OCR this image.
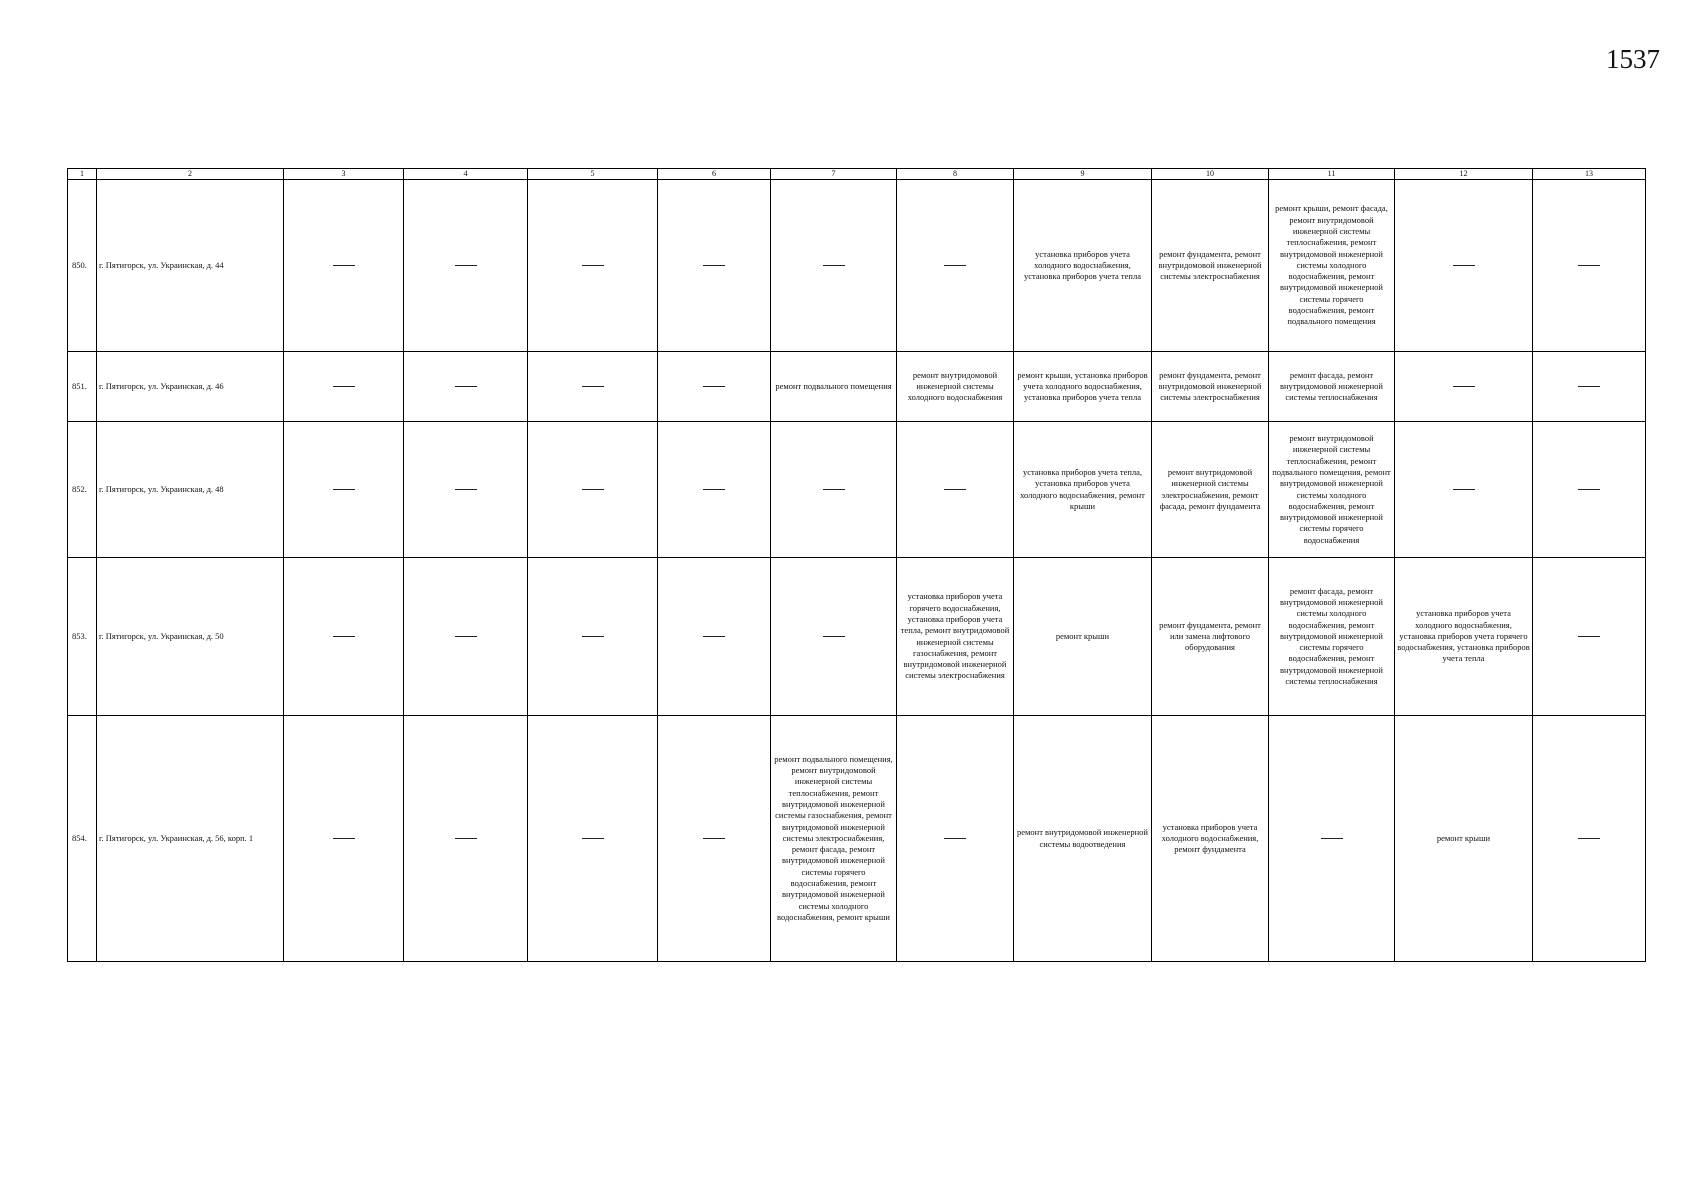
1537
1	2	3	4	5	6	7	8	9	10	11	12	13
850.	г. Пятигорск, ул. Украинская, д. 44							установка приборов учета холодного водоснабжения, установка приборов учета тепла	ремонт фундамента, ремонт внутридомовой инженерной системы электроснабжения	ремонт крыши, ремонт фасада, ремонт внутридомовой инженерной системы теплоснабжения, ремонт внутридомовой инженерной системы холодного водоснабжения, ремонт внутридомовой инженерной системы горячего водоснабжения, ремонт подвального помещения		

851.	г. Пятигорск, ул. Украинская, д. 46					ремонт подвального помещения	ремонт внутридомовой инженерной системы холодного водоснабжения	ремонт крыши, установка приборов учета холодного водоснабжения, установка приборов учета тепла	ремонт фундамента, ремонт внутридомовой инженерной системы электроснабжения	ремонт фасада, ремонт внутридомовой инженерной системы теплоснабжения		

852.	г. Пятигорск, ул. Украинская, д. 48							установка приборов учета тепла, установка приборов учета холодного водоснабжения, ремонт крыши	ремонт внутридомовой инженерной системы электроснабжения, ремонт фасада, ремонт фундамента	ремонт внутридомовой инженерной системы теплоснабжения, ремонт подвального помещения, ремонт внутридомовой инженерной системы холодного водоснабжения, ремонт внутридомовой инженерной системы горячего водоснабжения		

853.	г. Пятигорск, ул. Украинская, д. 50						установка приборов учета горячего водоснабжения, установка приборов учета тепла, ремонт внутридомовой инженерной системы газоснабжения, ремонт внутридомовой инженерной системы электроснабжения	ремонт крыши	ремонт фундамента, ремонт или замена лифтового оборудования	ремонт фасада, ремонт внутридомовой инженерной системы холодного водоснабжения, ремонт внутридомовой инженерной системы горячего водоснабжения, ремонт внутридомовой инженерной системы теплоснабжения	установка приборов учета холодного водоснабжения, установка приборов учета горячего водоснабжения, установка приборов учета тепла	

854.	г. Пятигорск, ул. Украинская, д. 56, корп. 1					ремонт подвального помещения, ремонт внутридомовой инженерной системы теплоснабжения, ремонт внутридомовой инженерной системы газоснабжения, ремонт внутридомовой инженерной системы электроснабжения, ремонт фасада, ремонт внутридомовой инженерной системы горячего водоснабжения, ремонт внутридомовой инженерной системы холодного водоснабжения, ремонт крыши		ремонт внутридомовой инженерной системы водоотведения	установка приборов учета холодного водоснабжения, ремонт фундамента		ремонт крыши	
